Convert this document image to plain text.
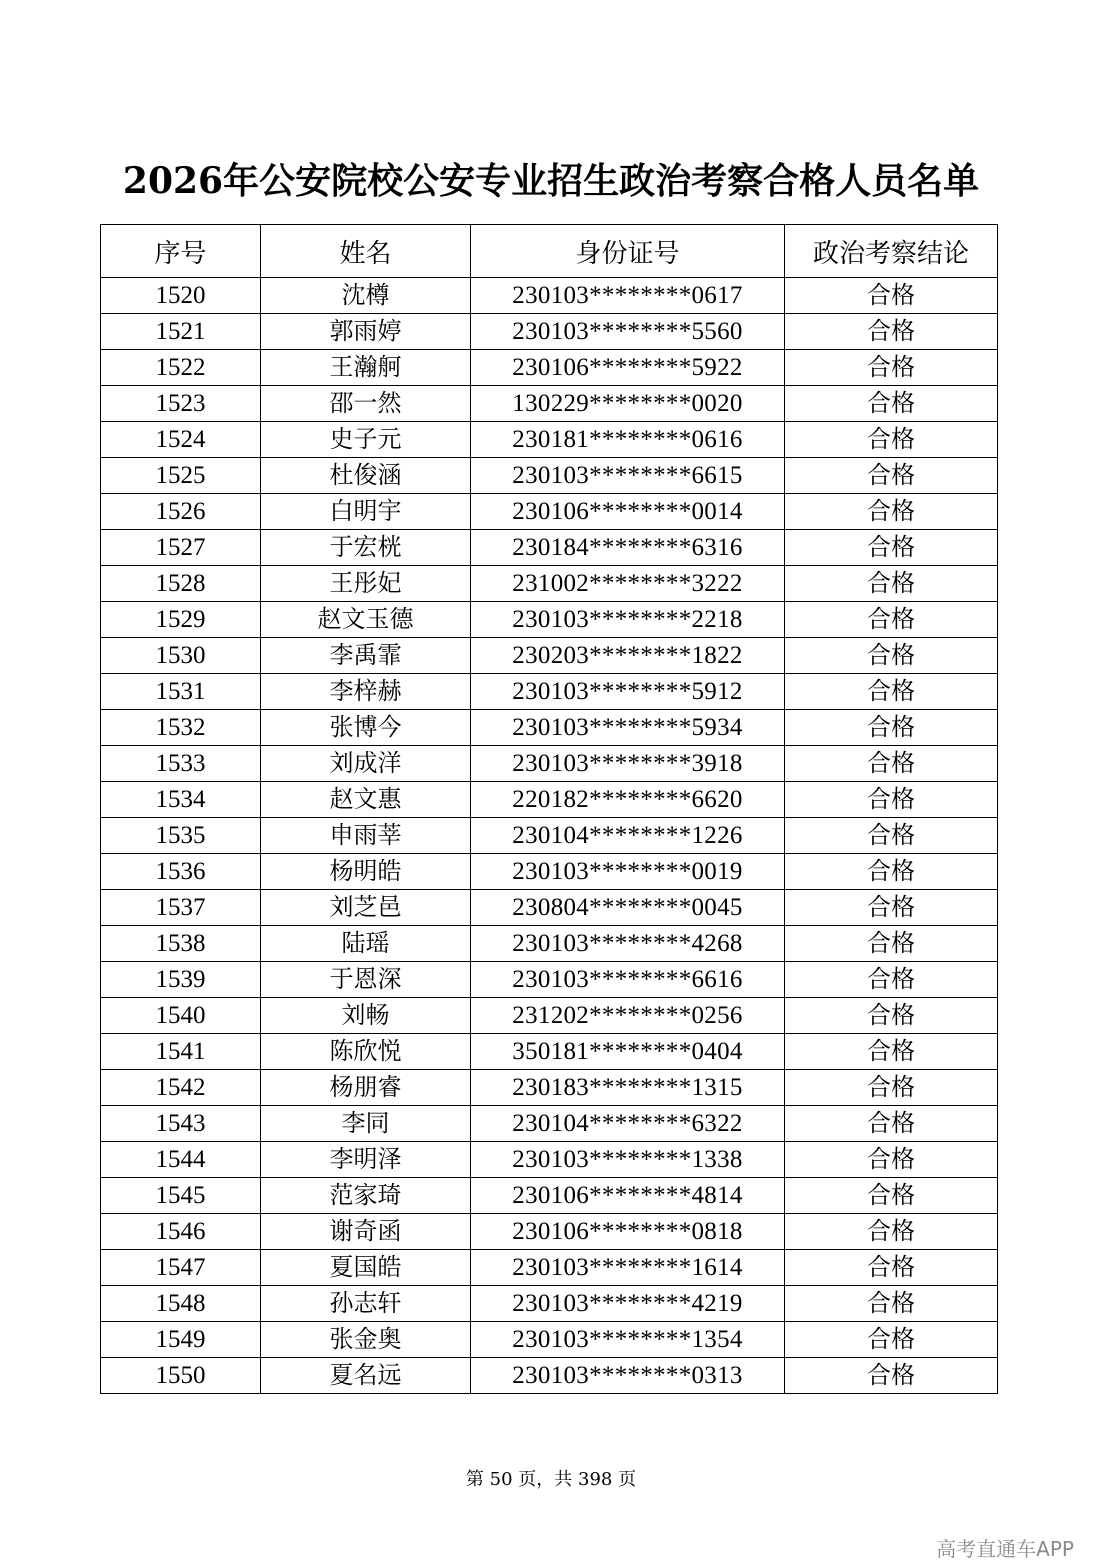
2026年公安院校公安专业招生政治考察合格人员名单
序号	姓名	身份证号	政治考察结论
1520	沈樽	230103********0617	合格
1521	郭雨婷	230103********5560	合格
1522	王瀚舸	230106********5922	合格
1523	邵一然	130229********0020	合格
1524	史子元	230181********0616	合格
1525	杜俊涵	230103********6615	合格
1526	白明宇	230106********0014	合格
1527	于宏桄	230184********6316	合格
1528	王彤妃	231002********3222	合格
1529	赵文玉德	230103********2218	合格
1530	李禹霏	230203********1822	合格
1531	李梓赫	230103********5912	合格
1532	张博今	230103********5934	合格
1533	刘成洋	230103********3918	合格
1534	赵文惠	220182********6620	合格
1535	申雨莘	230104********1226	合格
1536	杨明皓	230103********0019	合格
1537	刘芝邑	230804********0045	合格
1538	陆瑶	230103********4268	合格
1539	于恩深	230103********6616	合格
1540	刘畅	231202********0256	合格
1541	陈欣悦	350181********0404	合格
1542	杨朋睿	230183********1315	合格
1543	李同	230104********6322	合格
1544	李明泽	230103********1338	合格
1545	范家琦	230106********4814	合格
1546	谢奇函	230106********0818	合格
1547	夏国皓	230103********1614	合格
1548	孙志轩	230103********4219	合格
1549	张金奥	230103********1354	合格
1550	夏名远	230103********0313	合格
第 50 页，共 398 页
高考直通车APP
